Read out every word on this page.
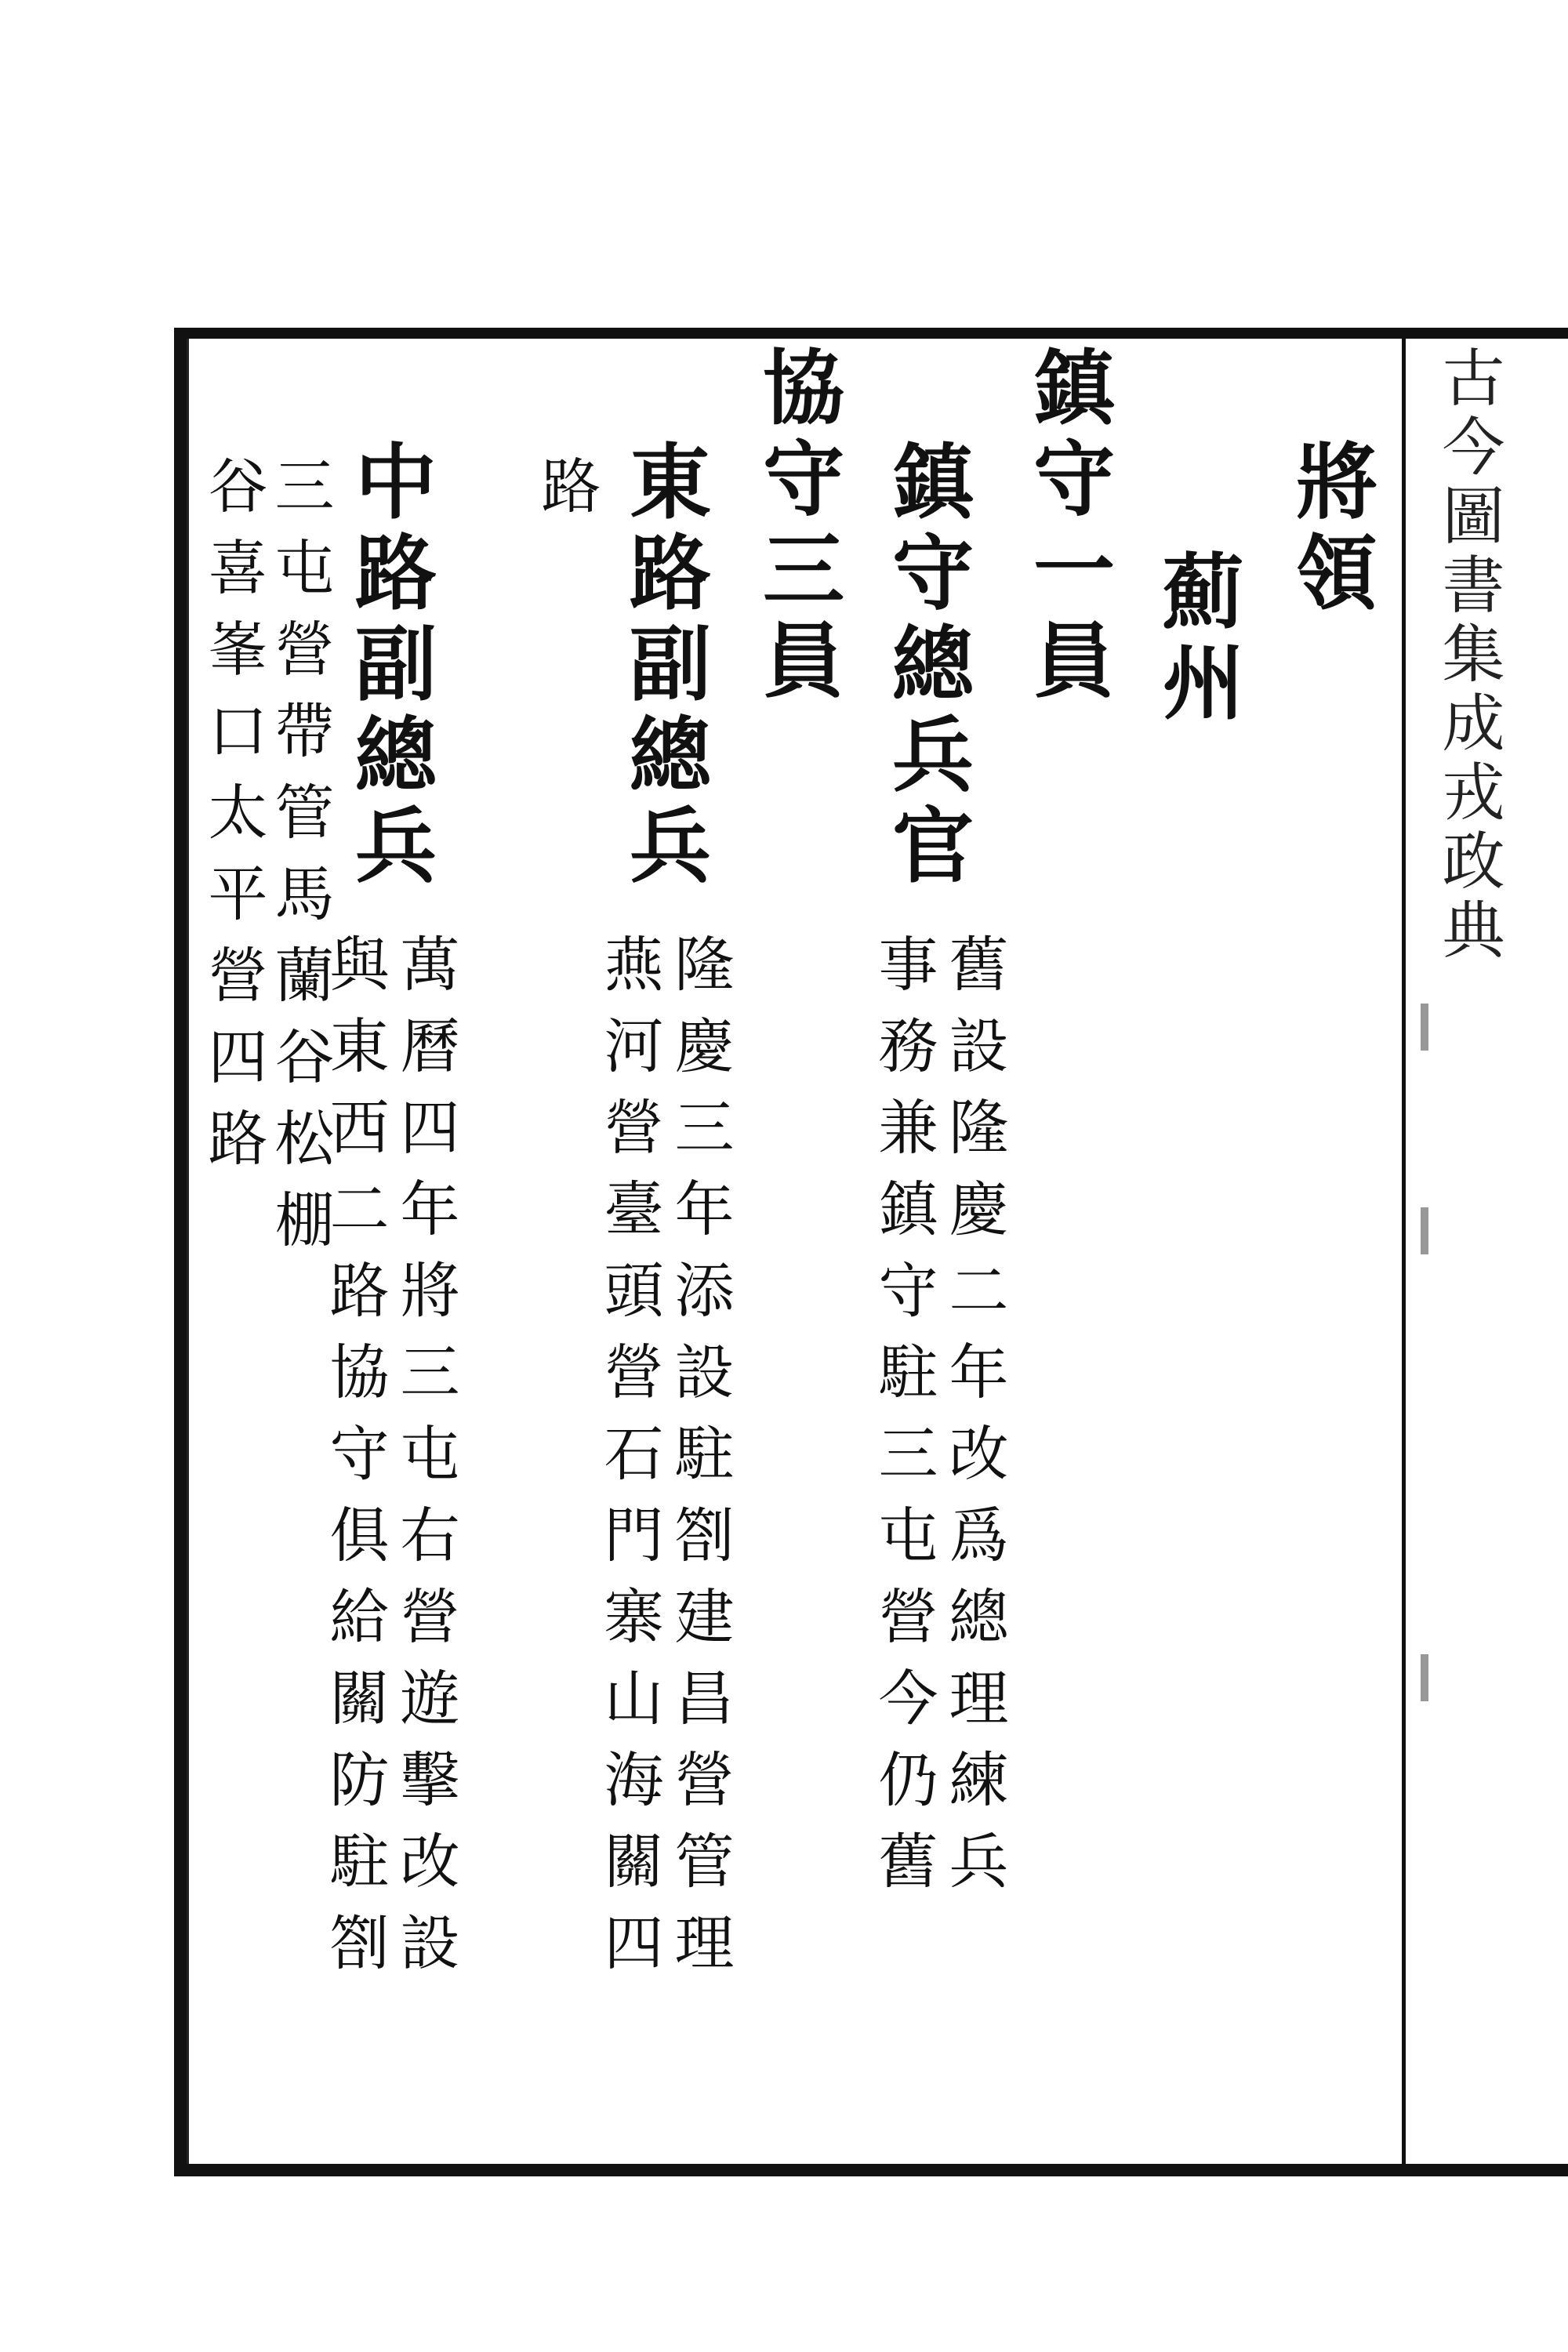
古今圖書集成戎政典
將領
薊州
鎮守一員
鎮守總兵官
舊設隆慶二年改爲總理練兵
事務兼鎮守駐三屯營今仍舊
協守三員
東路副總兵
隆慶三年添設駐劄建昌營管理
燕河營臺頭營石門寨山海關四
路
中路副總兵
萬曆四年將三屯右營遊擊改設
與東西二路協守俱給關防駐劄
三屯營帶管馬蘭谷松棚
谷喜峯口太平營四路
